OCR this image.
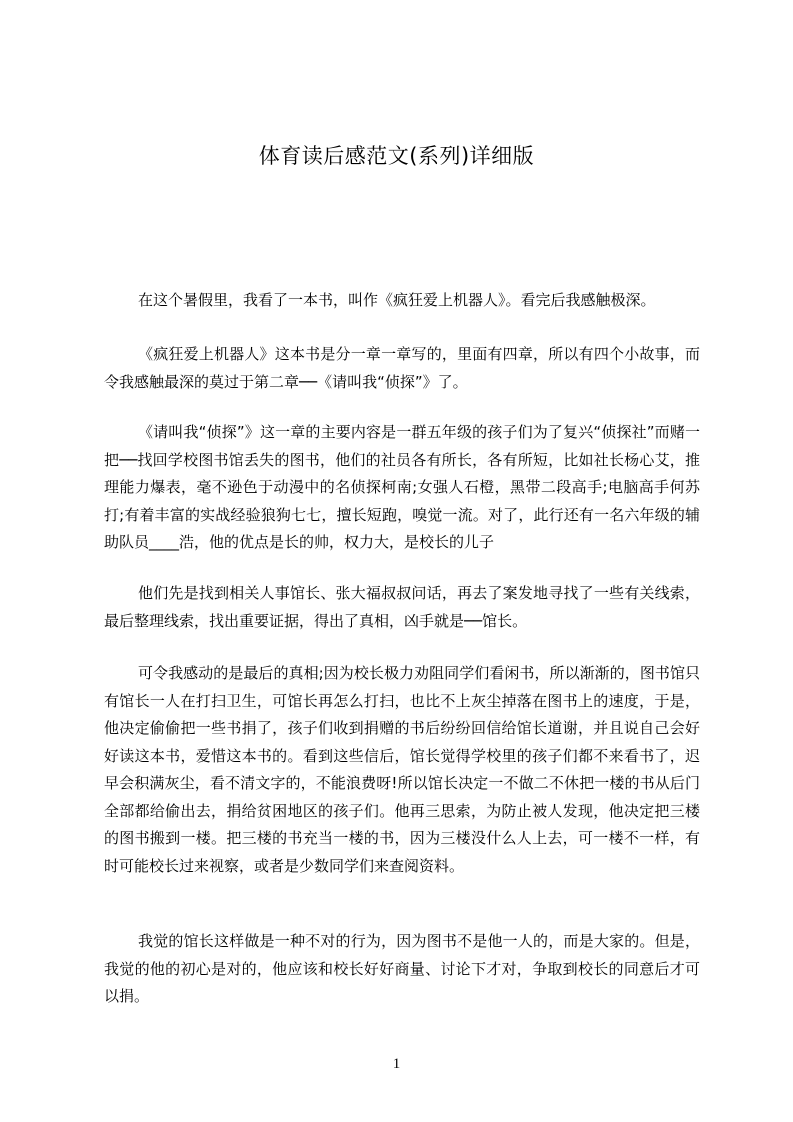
体育读后感范文(系列)详细版

在这个暑假里，我看了一本书，叫作《疯狂爱上机器人》。看完后我感触极深。

《疯狂爱上机器人》这本书是分一章一章写的，里面有四章，所以有四个小故事，而令我感触最深的莫过于第二章──《请叫我“侦探”》了。

《请叫我“侦探”》这一章的主要内容是一群五年级的孩子们为了复兴“侦探社”而赌一把──找回学校图书馆丢失的图书，他们的社员各有所长，各有所短，比如社长杨心艾，推理能力爆表，毫不逊色于动漫中的名侦探柯南;女强人石橙，黑带二段高手;电脑高手何苏打;有着丰富的实战经验狼狗七七，擅长短跑，嗅觉一流。对了，此行还有一名六年级的辅助队员____浩，他的优点是长的帅，权力大，是校长的儿子

他们先是找到相关人事馆长、张大福叔叔问话，再去了案发地寻找了一些有关线索，最后整理线索，找出重要证据，得出了真相，凶手就是──馆长。

可令我感动的是最后的真相;因为校长极力劝阻同学们看闲书，所以渐渐的，图书馆只有馆长一人在打扫卫生，可馆长再怎么打扫，也比不上灰尘掉落在图书上的速度，于是，他决定偷偷把一些书捐了，孩子们收到捐赠的书后纷纷回信给馆长道谢，并且说自己会好好读这本书，爱惜这本书的。看到这些信后，馆长觉得学校里的孩子们都不来看书了，迟早会积满灰尘，看不清文字的，不能浪费呀!所以馆长决定一不做二不休把一楼的书从后门全部都给偷出去，捐给贫困地区的孩子们。他再三思索，为防止被人发现，他决定把三楼的图书搬到一楼。把三楼的书充当一楼的书，因为三楼没什么人上去，可一楼不一样，有时可能校长过来视察，或者是少数同学们来查阅资料。

我觉的馆长这样做是一种不对的行为，因为图书不是他一人的，而是大家的。但是，我觉的他的初心是对的，他应该和校长好好商量、讨论下才对，争取到校长的同意后才可以捐。

1
